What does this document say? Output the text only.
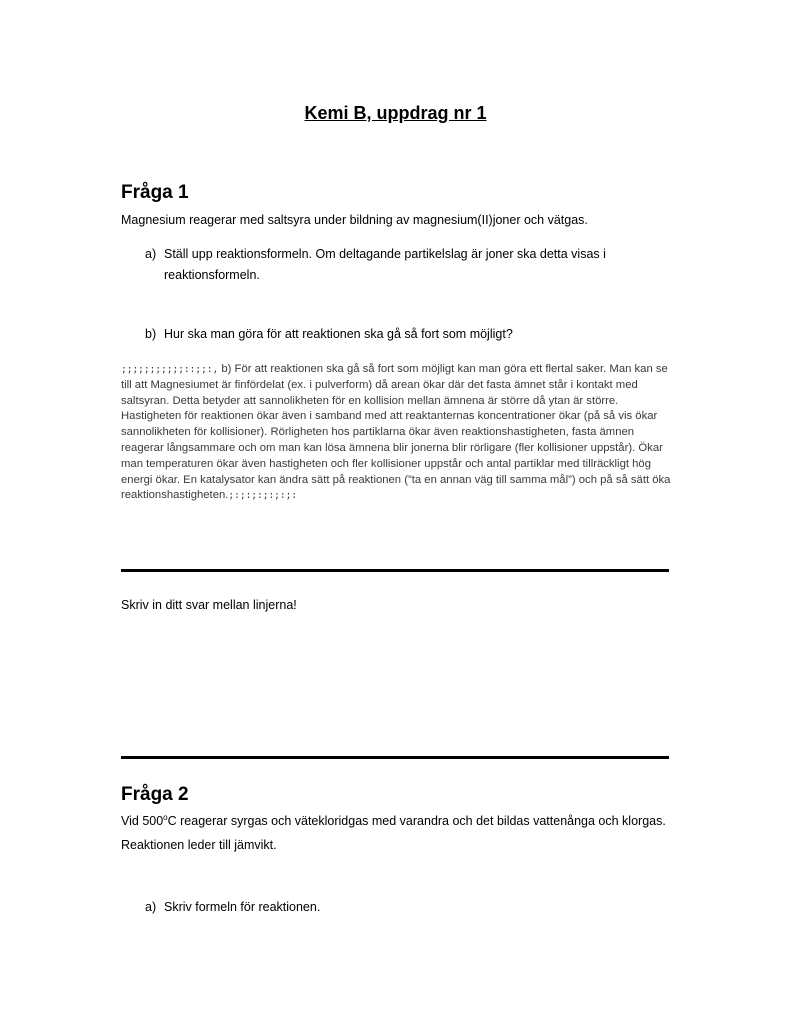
Kemi B, uppdrag nr 1
Fråga 1
Magnesium reagerar med saltsyra under bildning av magnesium(II)joner och vätgas.
a) Ställ upp reaktionsformeln. Om deltagande partikelslag är joner ska detta visas i reaktionsformeln.
b) Hur ska man göra för att reaktionen ska gå så fort som möjligt?
;;;;;;;;;;;::;;:, b) För att reaktionen ska gå så fort som möjligt kan man göra ett flertal saker. Man kan se till att Magnesiumet är finfördelat (ex. i pulverform) då arean ökar där det fasta ämnet står i kontakt med saltsyran. Detta betyder att sannolikheten för en kollision mellan ämnena är större då ytan är större. Hastigheten för reaktionen ökar även i samband med att reaktanternas koncentrationer ökar (på så vis ökar sannolikheten för kollisioner). Rörligheten hos partiklarna ökar även reaktionshastigheten, fasta ämnen reagerar långsammare och om man kan lösa ämnena blir jonerna blir rörligare (fler kollisioner uppstår). Ökar man temperaturen ökar även hastigheten och fler kollisioner uppstår och antal partiklar med tillräckligt hög energi ökar. En katalysator kan ändra sätt på reaktionen (”ta en annan väg till samma mål”) och på så sätt öka reaktionshastigheten.;:;:;:;:;:;:
Skriv in ditt svar mellan linjerna!
Fråga 2
Vid 500$^o$C reagerar syrgas och vätekloridgas med varandra och det bildas vattenånga och klorgas. Reaktionen leder till jämvikt.
a) Skriv formeln för reaktionen.
